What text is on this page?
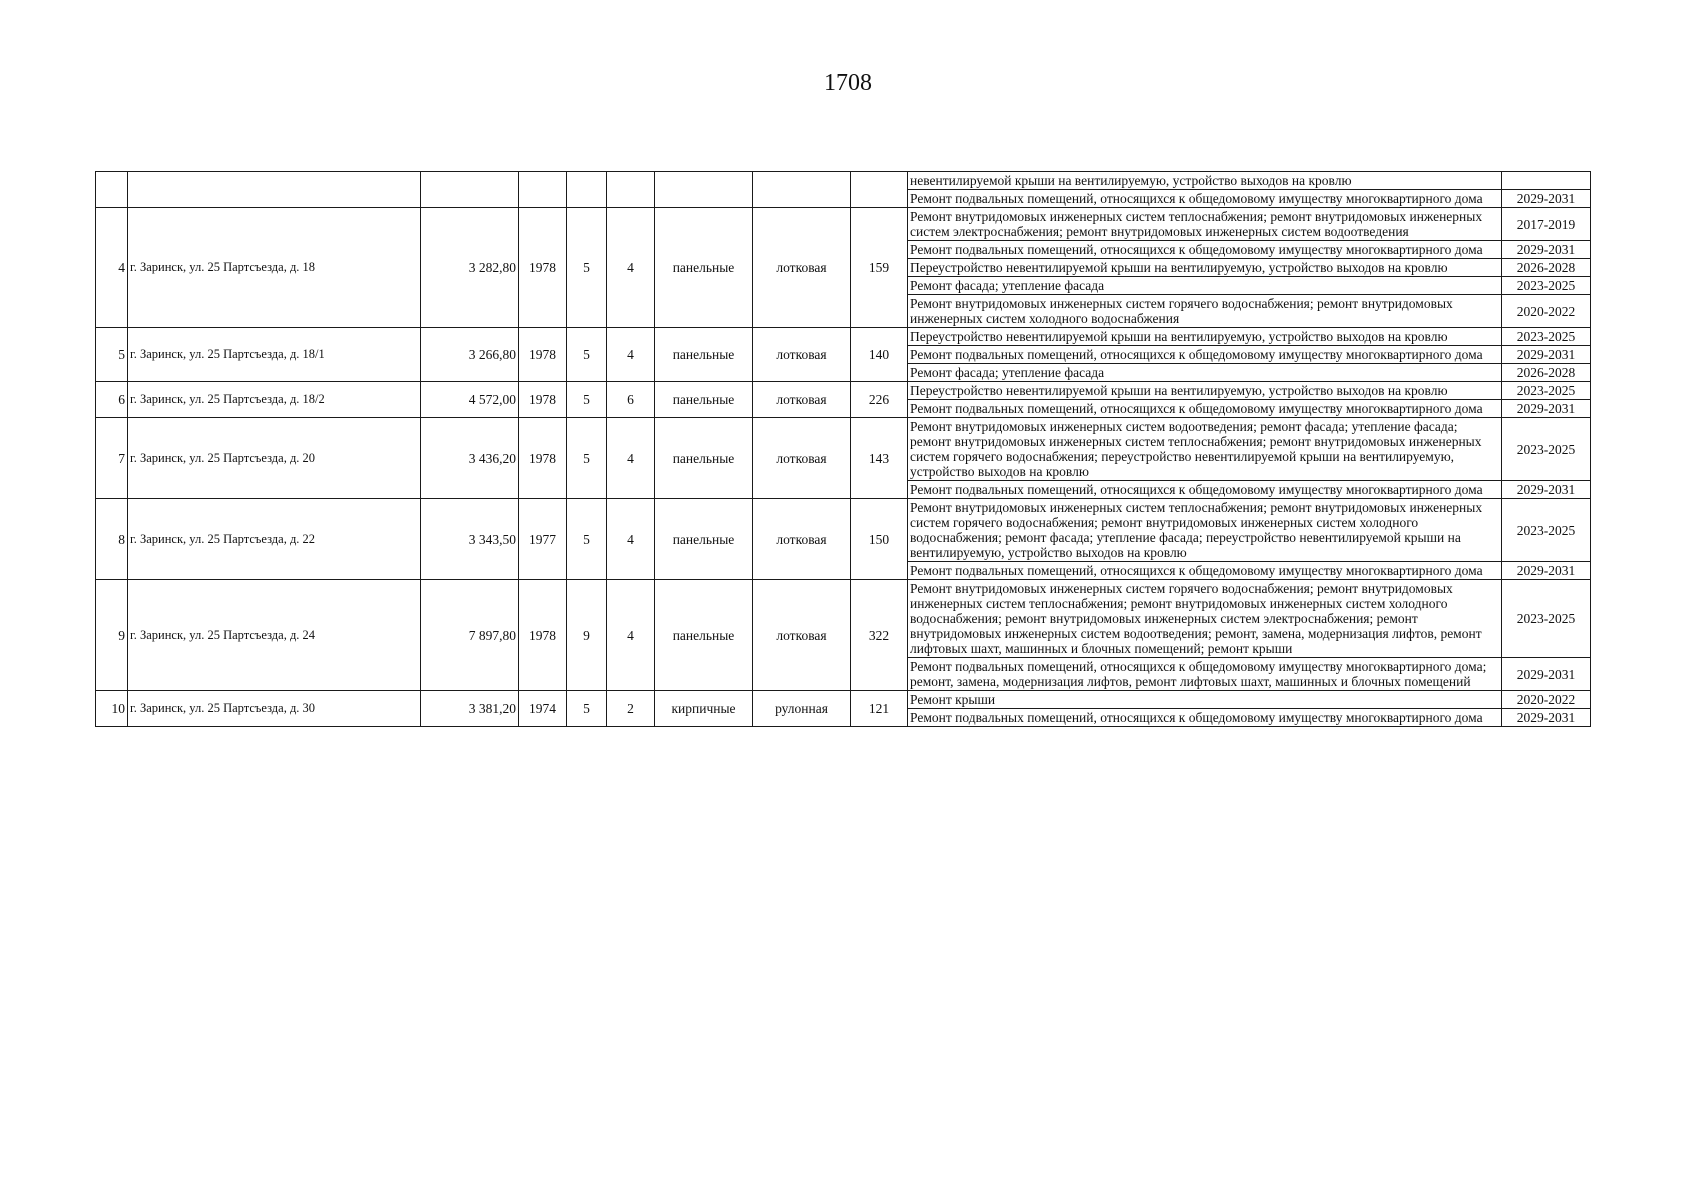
1708
									невентилируемой крыши на вентилируемую, устройство выходов на кровлю	
									Ремонт подвальных помещений, относящихся к общедомовому имуществу многоквартирного дома	2029-2031
4	г. Заринск, ул. 25 Партсъезда, д. 18	3 282,80	1978	5	4	панельные	лотковая	159	Ремонт внутридомовых инженерных систем теплоснабжения; ремонт внутридомовых инженерных систем электроснабжения; ремонт внутридомовых инженерных систем водоотведения	2017-2019
									Ремонт подвальных помещений, относящихся к общедомовому имуществу многоквартирного дома	2029-2031
									Переустройство невентилируемой крыши на вентилируемую, устройство выходов на кровлю	2026-2028
									Ремонт фасада; утепление фасада	2023-2025
									Ремонт внутридомовых инженерных систем горячего водоснабжения; ремонт внутридомовых инженерных систем холодного водоснабжения	2020-2022
5	г. Заринск, ул. 25 Партсъезда, д. 18/1	3 266,80	1978	5	4	панельные	лотковая	140	Переустройство невентилируемой крыши на вентилируемую, устройство выходов на кровлю	2023-2025
									Ремонт подвальных помещений, относящихся к общедомовому имуществу многоквартирного дома	2029-2031
									Ремонт фасада; утепление фасада	2026-2028
6	г. Заринск, ул. 25 Партсъезда, д. 18/2	4 572,00	1978	5	6	панельные	лотковая	226	Переустройство невентилируемой крыши на вентилируемую, устройство выходов на кровлю	2023-2025
									Ремонт подвальных помещений, относящихся к общедомовому имуществу многоквартирного дома	2029-2031
7	г. Заринск, ул. 25 Партсъезда, д. 20	3 436,20	1978	5	4	панельные	лотковая	143	Ремонт внутридомовых инженерных систем водоотведения; ремонт фасада; утепление фасада; ремонт внутридомовых инженерных систем теплоснабжения; ремонт внутридомовых инженерных систем горячего водоснабжения; переустройство невентилируемой крыши на вентилируемую, устройство выходов на кровлю	2023-2025
									Ремонт подвальных помещений, относящихся к общедомовому имуществу многоквартирного дома	2029-2031
8	г. Заринск, ул. 25 Партсъезда, д. 22	3 343,50	1977	5	4	панельные	лотковая	150	Ремонт внутридомовых инженерных систем теплоснабжения; ремонт внутридомовых инженерных систем горячего водоснабжения; ремонт внутридомовых инженерных систем холодного водоснабжения; ремонт фасада; утепление фасада; переустройство невентилируемой крыши на вентилируемую, устройство выходов на кровлю	2023-2025
									Ремонт подвальных помещений, относящихся к общедомовому имуществу многоквартирного дома	2029-2031
9	г. Заринск, ул. 25 Партсъезда, д. 24	7 897,80	1978	9	4	панельные	лотковая	322	Ремонт внутридомовых инженерных систем горячего водоснабжения; ремонт внутридомовых инженерных систем теплоснабжения; ремонт внутридомовых инженерных систем холодного водоснабжения; ремонт внутридомовых инженерных систем электроснабжения; ремонт внутридомовых инженерных систем водоотведения; ремонт, замена, модернизация лифтов, ремонт лифтовых шахт, машинных и блочных помещений; ремонт крыши	2023-2025
									Ремонт подвальных помещений, относящихся к общедомовому имуществу многоквартирного дома; ремонт, замена, модернизация лифтов, ремонт лифтовых шахт, машинных и блочных помещений	2029-2031
10	г. Заринск, ул. 25 Партсъезда, д. 30	3 381,20	1974	5	2	кирпичные	рулонная	121	Ремонт крыши	2020-2022
									Ремонт подвальных помещений, относящихся к общедомовому имуществу многоквартирного дома	2029-2031
